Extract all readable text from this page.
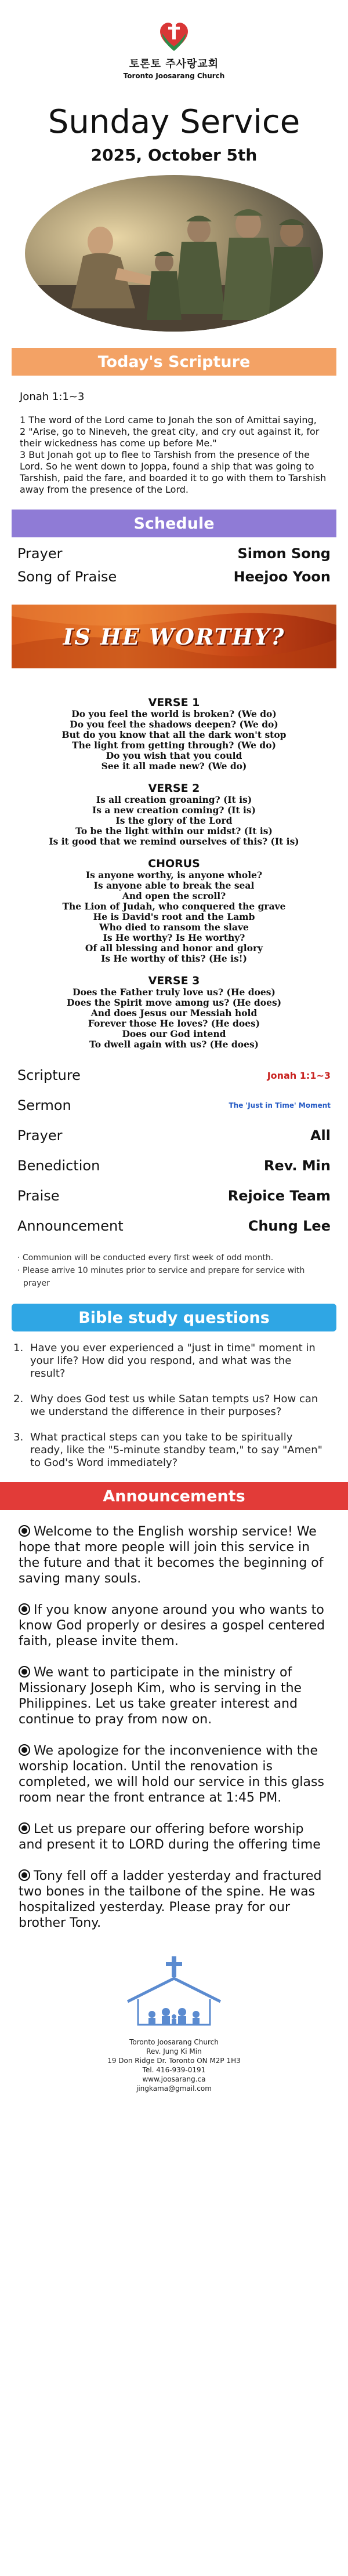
토론토 주사랑교회
Toronto Joosarang Church
Sunday Service
2025, October 5th
Today's Scripture
Jonah 1:1~3

1 The word of the Lord came to Jonah the son of Amittai saying,

2 "Arise, go to Nineveh, the great city, and cry out against it, for their wickedness has come up before Me."

3 But Jonah got up to flee to Tarshish from the presence of the Lord. So he went down to Joppa, found a ship that was going to Tarshish, paid the fare, and boarded it to go with them to Tarshish away from the presence of the Lord.

Schedule
Prayer	Simon Song
Song of Praise	Heejoo Yoon
IS HE WORTHY?
VERSE 1
Do you feel the world is broken? (We do)
Do you feel the shadows deepen? (We do)
But do you know that all the dark won't stop
The light from getting through? (We do)
Do you wish that you could
See it all made new? (We do)
VERSE 2
Is all creation groaning? (It is)
Is a new creation coming? (It is)
Is the glory of the Lord
To be the light within our midst? (It is)
Is it good that we remind ourselves of this? (It is)
CHORUS
Is anyone worthy, is anyone whole?
Is anyone able to break the seal
And open the scroll?
The Lion of Judah, who conquered the grave
He is David's root and the Lamb
Who died to ransom the slave
Is He worthy? Is He worthy?
Of all blessing and honor and glory
Is He worthy of this? (He is!)
VERSE 3
Does the Father truly love us? (He does)
Does the Spirit move among us? (He does)
And does Jesus our Messiah hold
Forever those He loves? (He does)
Does our God intend
To dwell again with us? (He does)
Scripture	Jonah 1:1~3
Sermon	The 'Just in Time' Moment
Prayer	All
Benediction	Rev. Min
Praise	Rejoice Team
Announcement	Chung Lee
· Communion will be conducted every first week of odd month.
· Please arrive 10 minutes prior to service and prepare for service with prayer
Bible study questions
1. Have you ever experienced a "just in time" moment in your life? How did you respond, and what was the result?
2. Why does God test us while Satan tempts us? How can we understand the difference in their purposes?
3. What practical steps can you take to be spiritually ready, like the "5-minute standby team," to say "Amen" to God's Word immediately?
Announcements
Welcome to the English worship service! We hope that more people will join this service in the future and that it becomes the beginning of saving many souls.
If you know anyone around you who wants to know God properly or desires a gospel centered faith, please invite them.
We want to participate in the ministry of Missionary Joseph Kim, who is serving in the Philippines. Let us take greater interest and continue to pray from now on.
We apologize for the inconvenience with the worship location. Until the renovation is completed, we will hold our service in this glass room near the front entrance at 1:45 PM.
Let us prepare our offering before worship and present it to LORD during the offering time
Tony fell off a ladder yesterday and fractured two bones in the tailbone of the spine. He was hospitalized yesterday. Please pray for our brother Tony.
Toronto Joosarang Church
Rev. Jung Ki Min
19 Don Ridge Dr. Toronto ON M2P 1H3
Tel. 416-939-0191
www.joosarang.ca
jingkama@gmail.com
